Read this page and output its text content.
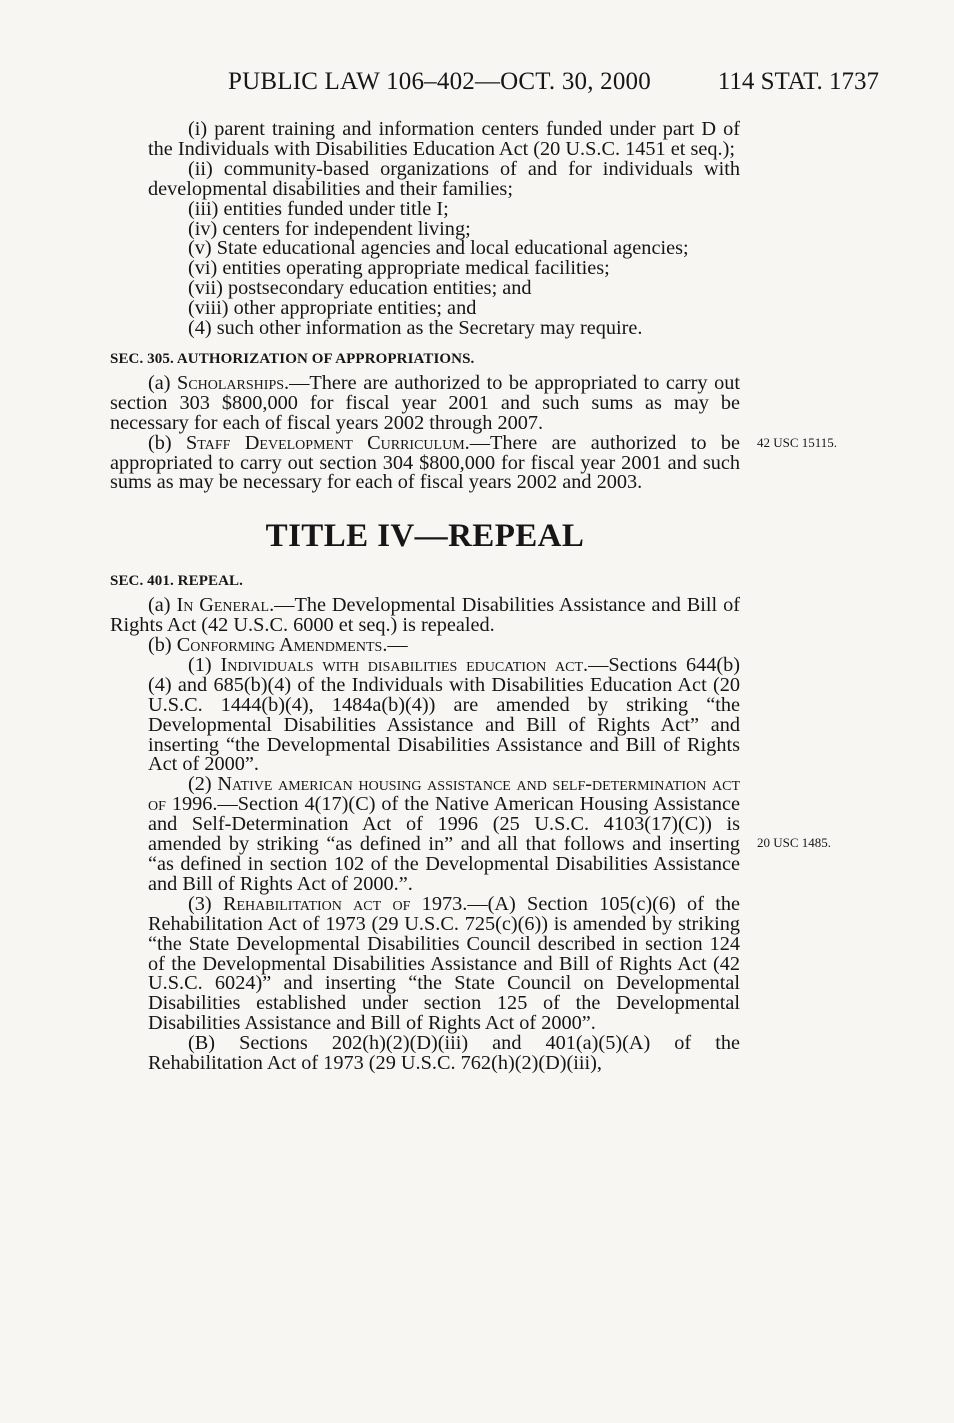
PUBLIC LAW 106–402—OCT. 30, 2000	114 STAT. 1737
42 USC 15115.
20 USC 1485.

(i) parent training and information centers funded under part D of the Individuals with Disabilities Education Act (20 U.S.C. 1451 et seq.);

(ii) community-based organizations of and for individuals with developmental disabilities and their families;

(iii) entities funded under title I;

(iv) centers for independent living;

(v) State educational agencies and local educational agencies;

(vi) entities operating appropriate medical facilities;

(vii) postsecondary education entities; and

(viii) other appropriate entities; and

(4) such other information as the Secretary may require.

SEC. 305. AUTHORIZATION OF APPROPRIATIONS.

(a) Scholarships.—There are authorized to be appropriated to carry out section 303 $800,000 for fiscal year 2001 and such sums as may be necessary for each of fiscal years 2002 through 2007.

(b) Staff Development Curriculum.—There are authorized to be appropriated to carry out section 304 $800,000 for fiscal year 2001 and such sums as may be necessary for each of fiscal years 2002 and 2003.

TITLE IV—REPEAL

SEC. 401. REPEAL.

(a) In General.—The Developmental Disabilities Assistance and Bill of Rights Act (42 U.S.C. 6000 et seq.) is repealed.

(b) Conforming Amendments.—

(1) Individuals with disabilities education act.—Sections 644(b)(4) and 685(b)(4) of the Individuals with Disabilities Education Act (20 U.S.C. 1444(b)(4), 1484a(b)(4)) are amended by striking “the Developmental Disabilities Assistance and Bill of Rights Act” and inserting “the Developmental Disabilities Assistance and Bill of Rights Act of 2000”.

(2) Native american housing assistance and self-determination act of 1996.—Section 4(17)(C) of the Native American Housing Assistance and Self-Determination Act of 1996 (25 U.S.C. 4103(17)(C)) is amended by striking “as defined in” and all that follows and inserting “as defined in section 102 of the Developmental Disabilities Assistance and Bill of Rights Act of 2000.”.

(3) Rehabilitation act of 1973.—(A) Section 105(c)(6) of the Rehabilitation Act of 1973 (29 U.S.C. 725(c)(6)) is amended by striking “the State Developmental Disabilities Council described in section 124 of the Developmental Disabilities Assistance and Bill of Rights Act (42 U.S.C. 6024)” and inserting “the State Council on Developmental Disabilities established under section 125 of the Developmental Disabilities Assistance and Bill of Rights Act of 2000”.

(B) Sections 202(h)(2)(D)(iii) and 401(a)(5)(A) of the Rehabilitation Act of 1973 (29 U.S.C. 762(h)(2)(D)(iii),
